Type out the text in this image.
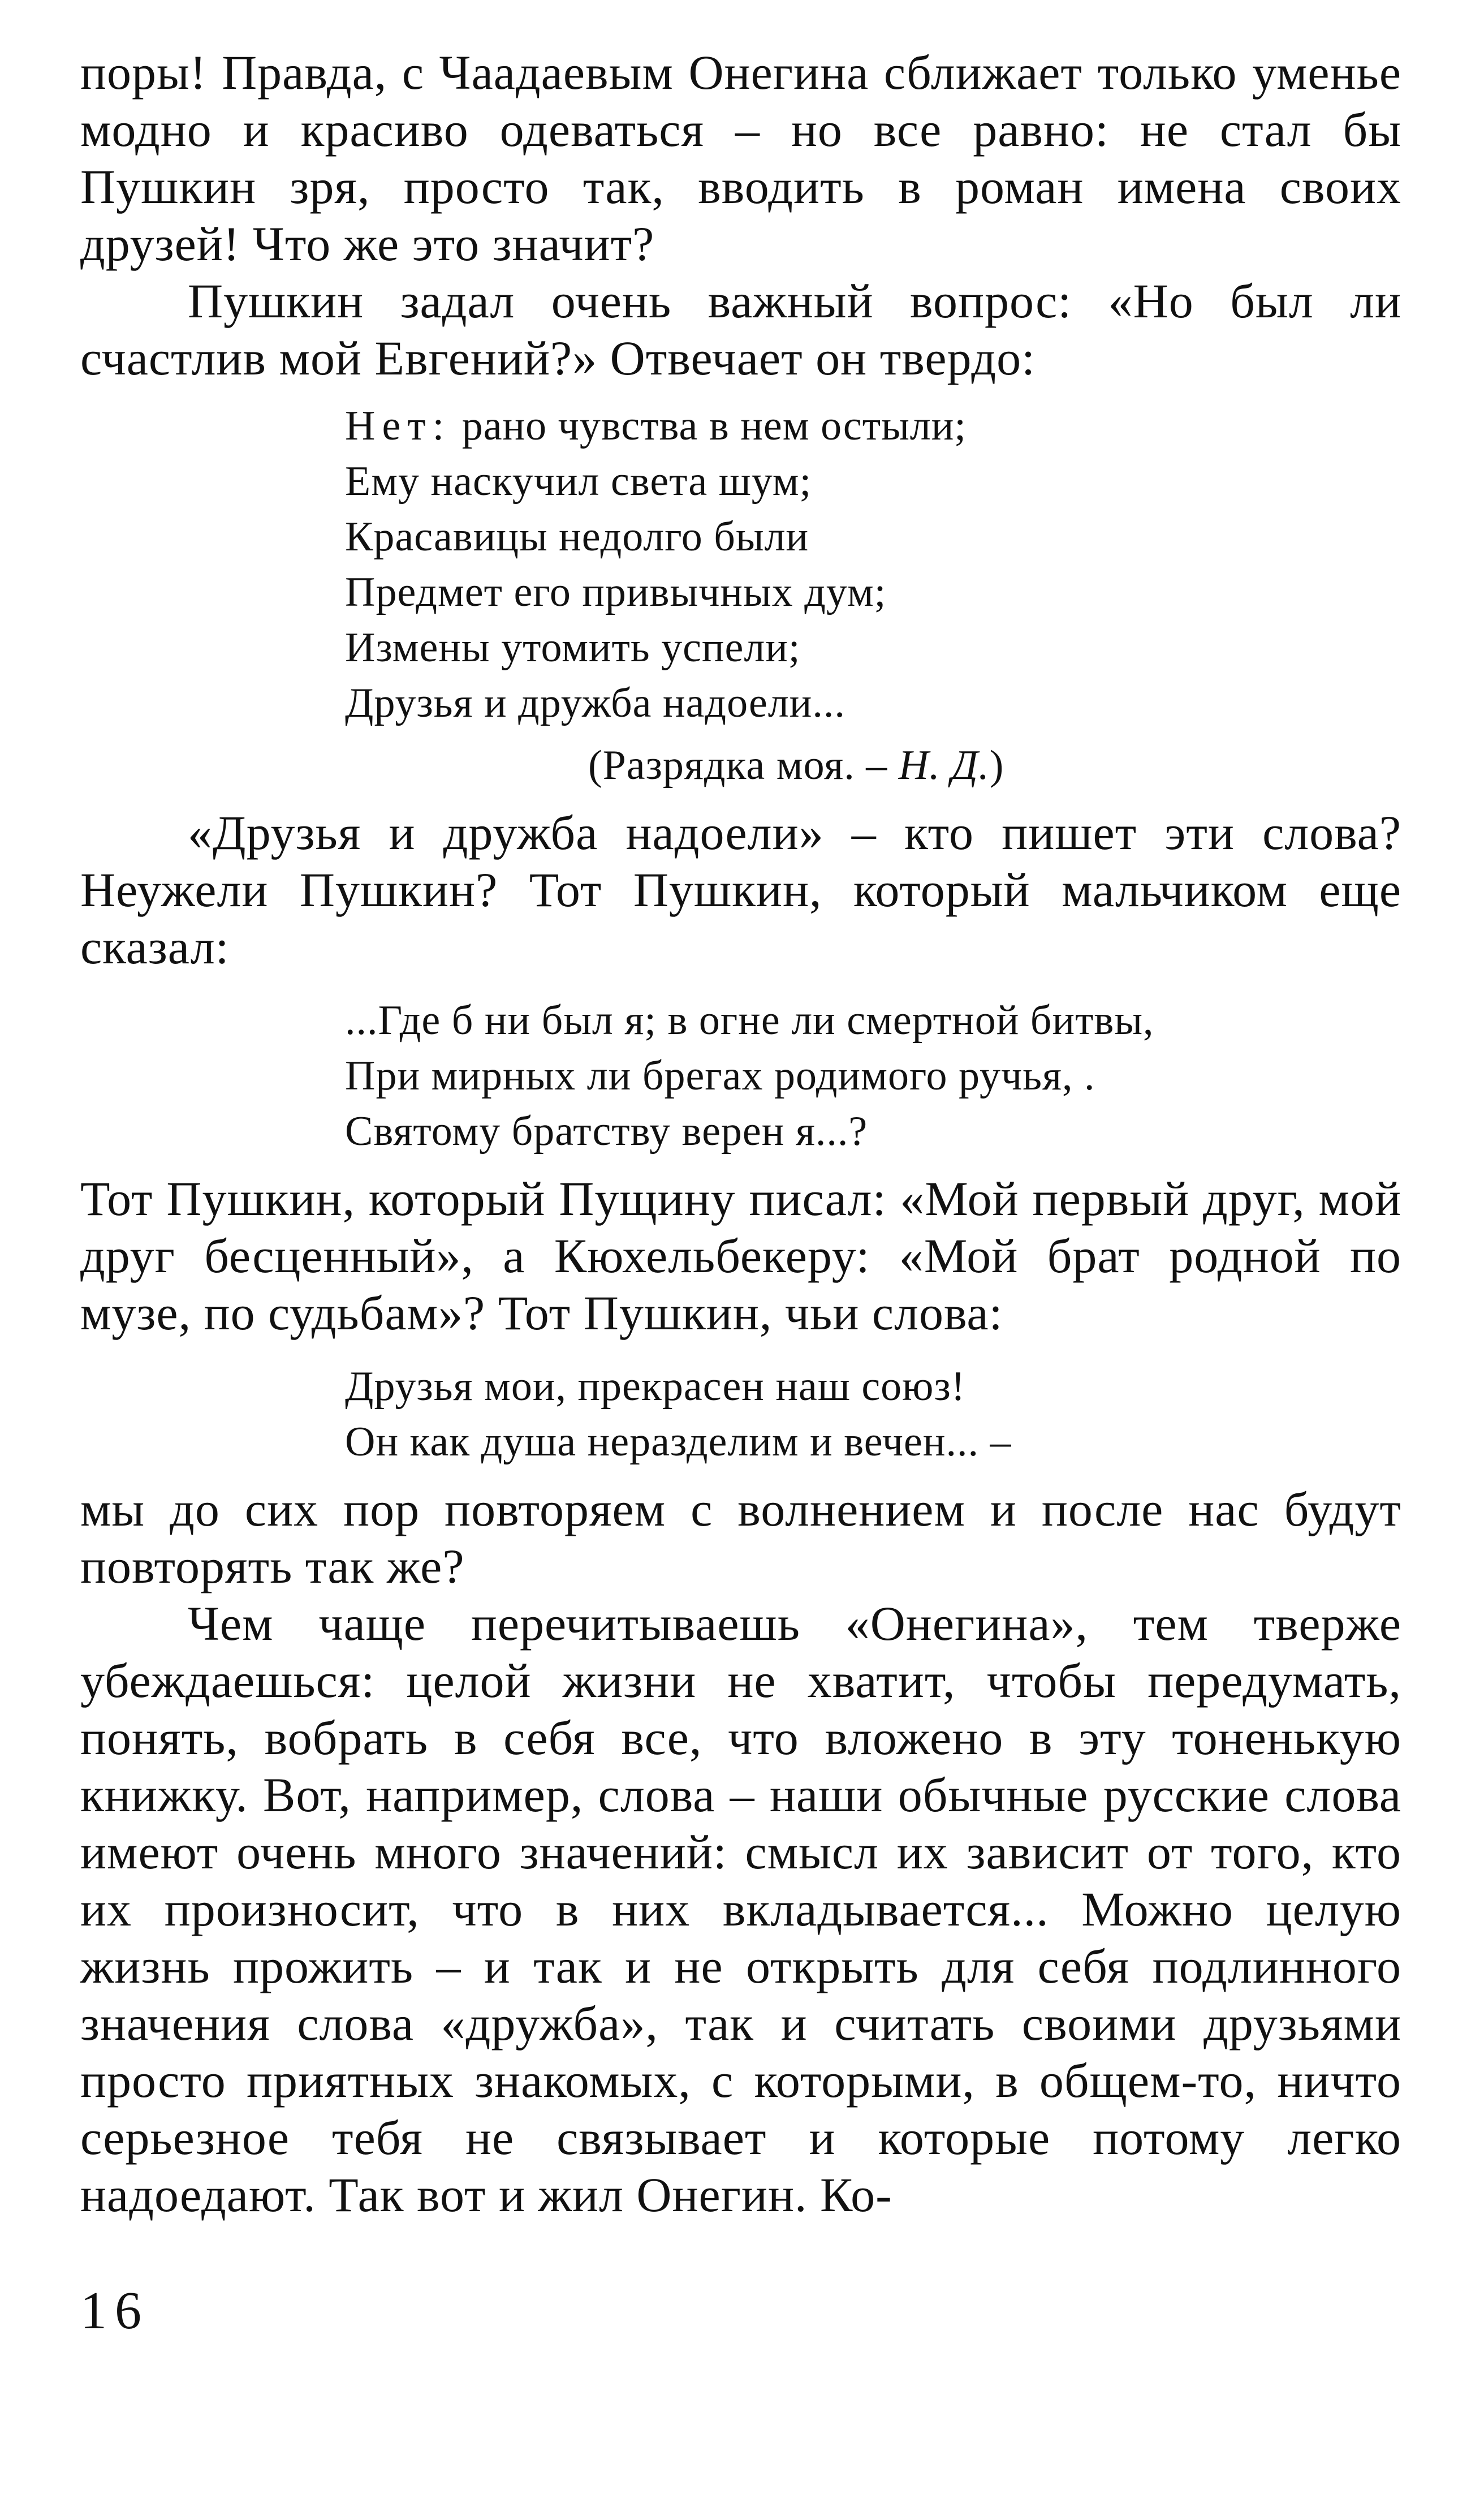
поры! Правда, с Чаадаевым Онегина сближает только уменье модно и красиво одеваться – но все равно: не стал бы Пушкин зря, просто так, вводить в роман имена своих друзей! Что же это значит?

Пушкин задал очень важный вопрос: «Но был ли счастлив мой Евгений?» Отвечает он твердо:

Нет: рано чувства в нем остыли;
Ему наскучил света шум;
Красавицы недолго были
Предмет его привычных дум;
Измены утомить успели;
Друзья и дружба надоели...
(Разрядка моя. – Н. Д.)

«Друзья и дружба надоели» – кто пишет эти слова? Неужели Пушкин? Тот Пушкин, который мальчиком еще сказал:

...Где б ни был я; в огне ли смертной битвы,
При мирных ли брегах родимого ручья, .
Святому братству верен я...?

Тот Пушкин, который Пущину писал: «Мой первый друг, мой друг бесценный», а Кюхельбекеру: «Мой брат родной по музе, по судьбам»? Тот Пушкин, чьи слова:

Друзья мои, прекрасен наш союз!
Он как душа неразделим и вечен... –

мы до сих пор повторяем с волнением и после нас будут повторять так же?

Чем чаще перечитываешь «Онегина», тем тверже убеждаешься: целой жизни не хватит, чтобы передумать, понять, вобрать в себя все, что вложено в эту тоненькую книжку. Вот, например, слова – наши обычные русские слова имеют очень много значений: смысл их зависит от того, кто их произносит, что в них вкладывается... Можно целую жизнь прожить – и так и не открыть для себя подлинного значения слова «дружба», так и считать своими друзьями просто приятных знакомых, с которыми, в общем-то, ничто серьезное тебя не связывает и которые потому легко надоедают. Так вот и жил Онегин. Ко-

16
